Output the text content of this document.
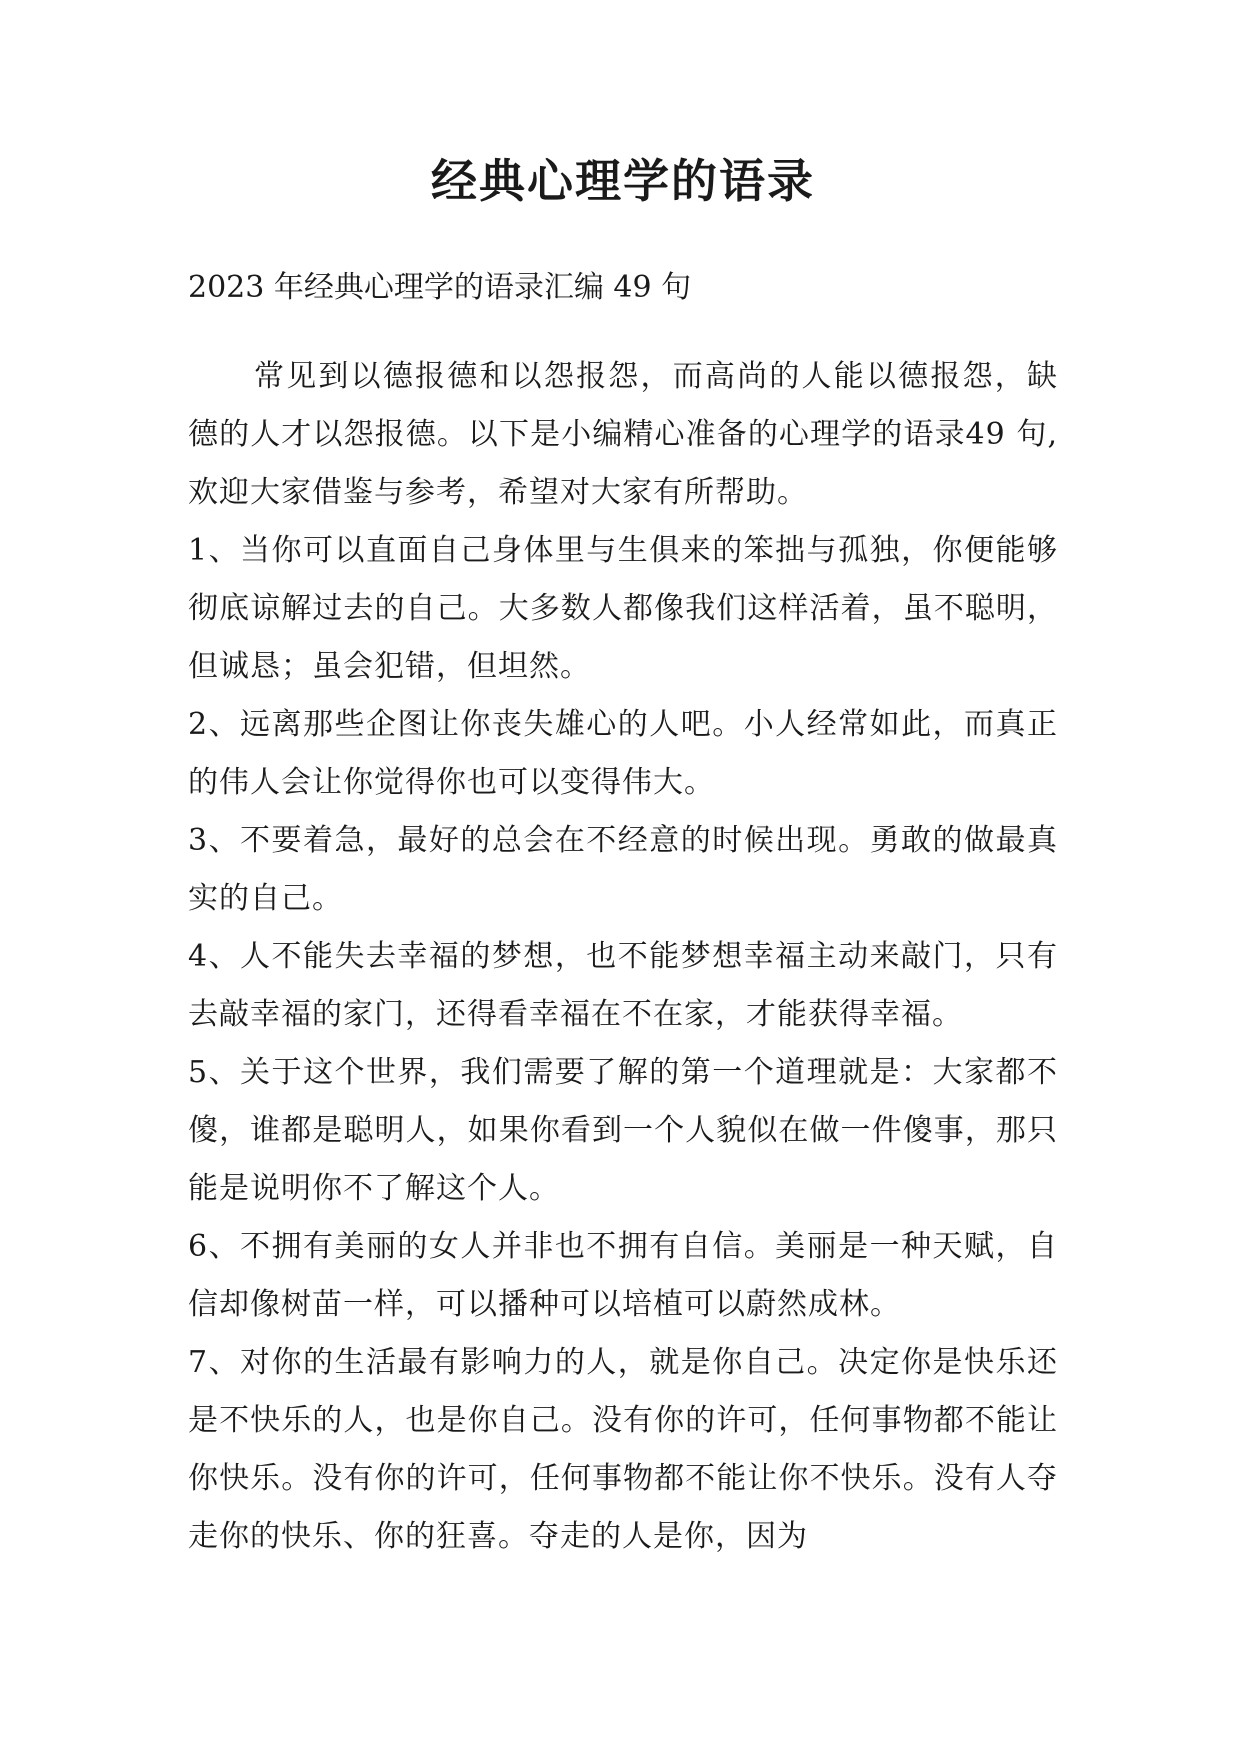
经典心理学的语录

2023 年经典心理学的语录汇编 49 句

常见到以德报德和以怨报怨，而高尚的人能以德报怨，缺德的人才以怨报德。以下是小编精心准备的心理学的语录49 句,欢迎大家借鉴与参考，希望对大家有所帮助。

1、当你可以直面自己身体里与生俱来的笨拙与孤独，你便能够彻底谅解过去的自己。大多数人都像我们这样活着，虽不聪明，但诚恳；虽会犯错，但坦然。

2、远离那些企图让你丧失雄心的人吧。小人经常如此，而真正的伟人会让你觉得你也可以变得伟大。

3、不要着急，最好的总会在不经意的时候出现。勇敢的做最真实的自己。

4、人不能失去幸福的梦想，也不能梦想幸福主动来敲门，只有去敲幸福的家门，还得看幸福在不在家，才能获得幸福。

5、关于这个世界，我们需要了解的第一个道理就是：大家都不傻，谁都是聪明人，如果你看到一个人貌似在做一件傻事，那只能是说明你不了解这个人。

6、不拥有美丽的女人并非也不拥有自信。美丽是一种天赋，自信却像树苗一样，可以播种可以培植可以蔚然成林。

7、对你的生活最有影响力的人，就是你自己。决定你是快乐还是不快乐的人，也是你自己。没有你的许可，任何事物都不能让你快乐。没有你的许可，任何事物都不能让你不快乐。没有人夺走你的快乐、你的狂喜。夺走的人是你，因为
